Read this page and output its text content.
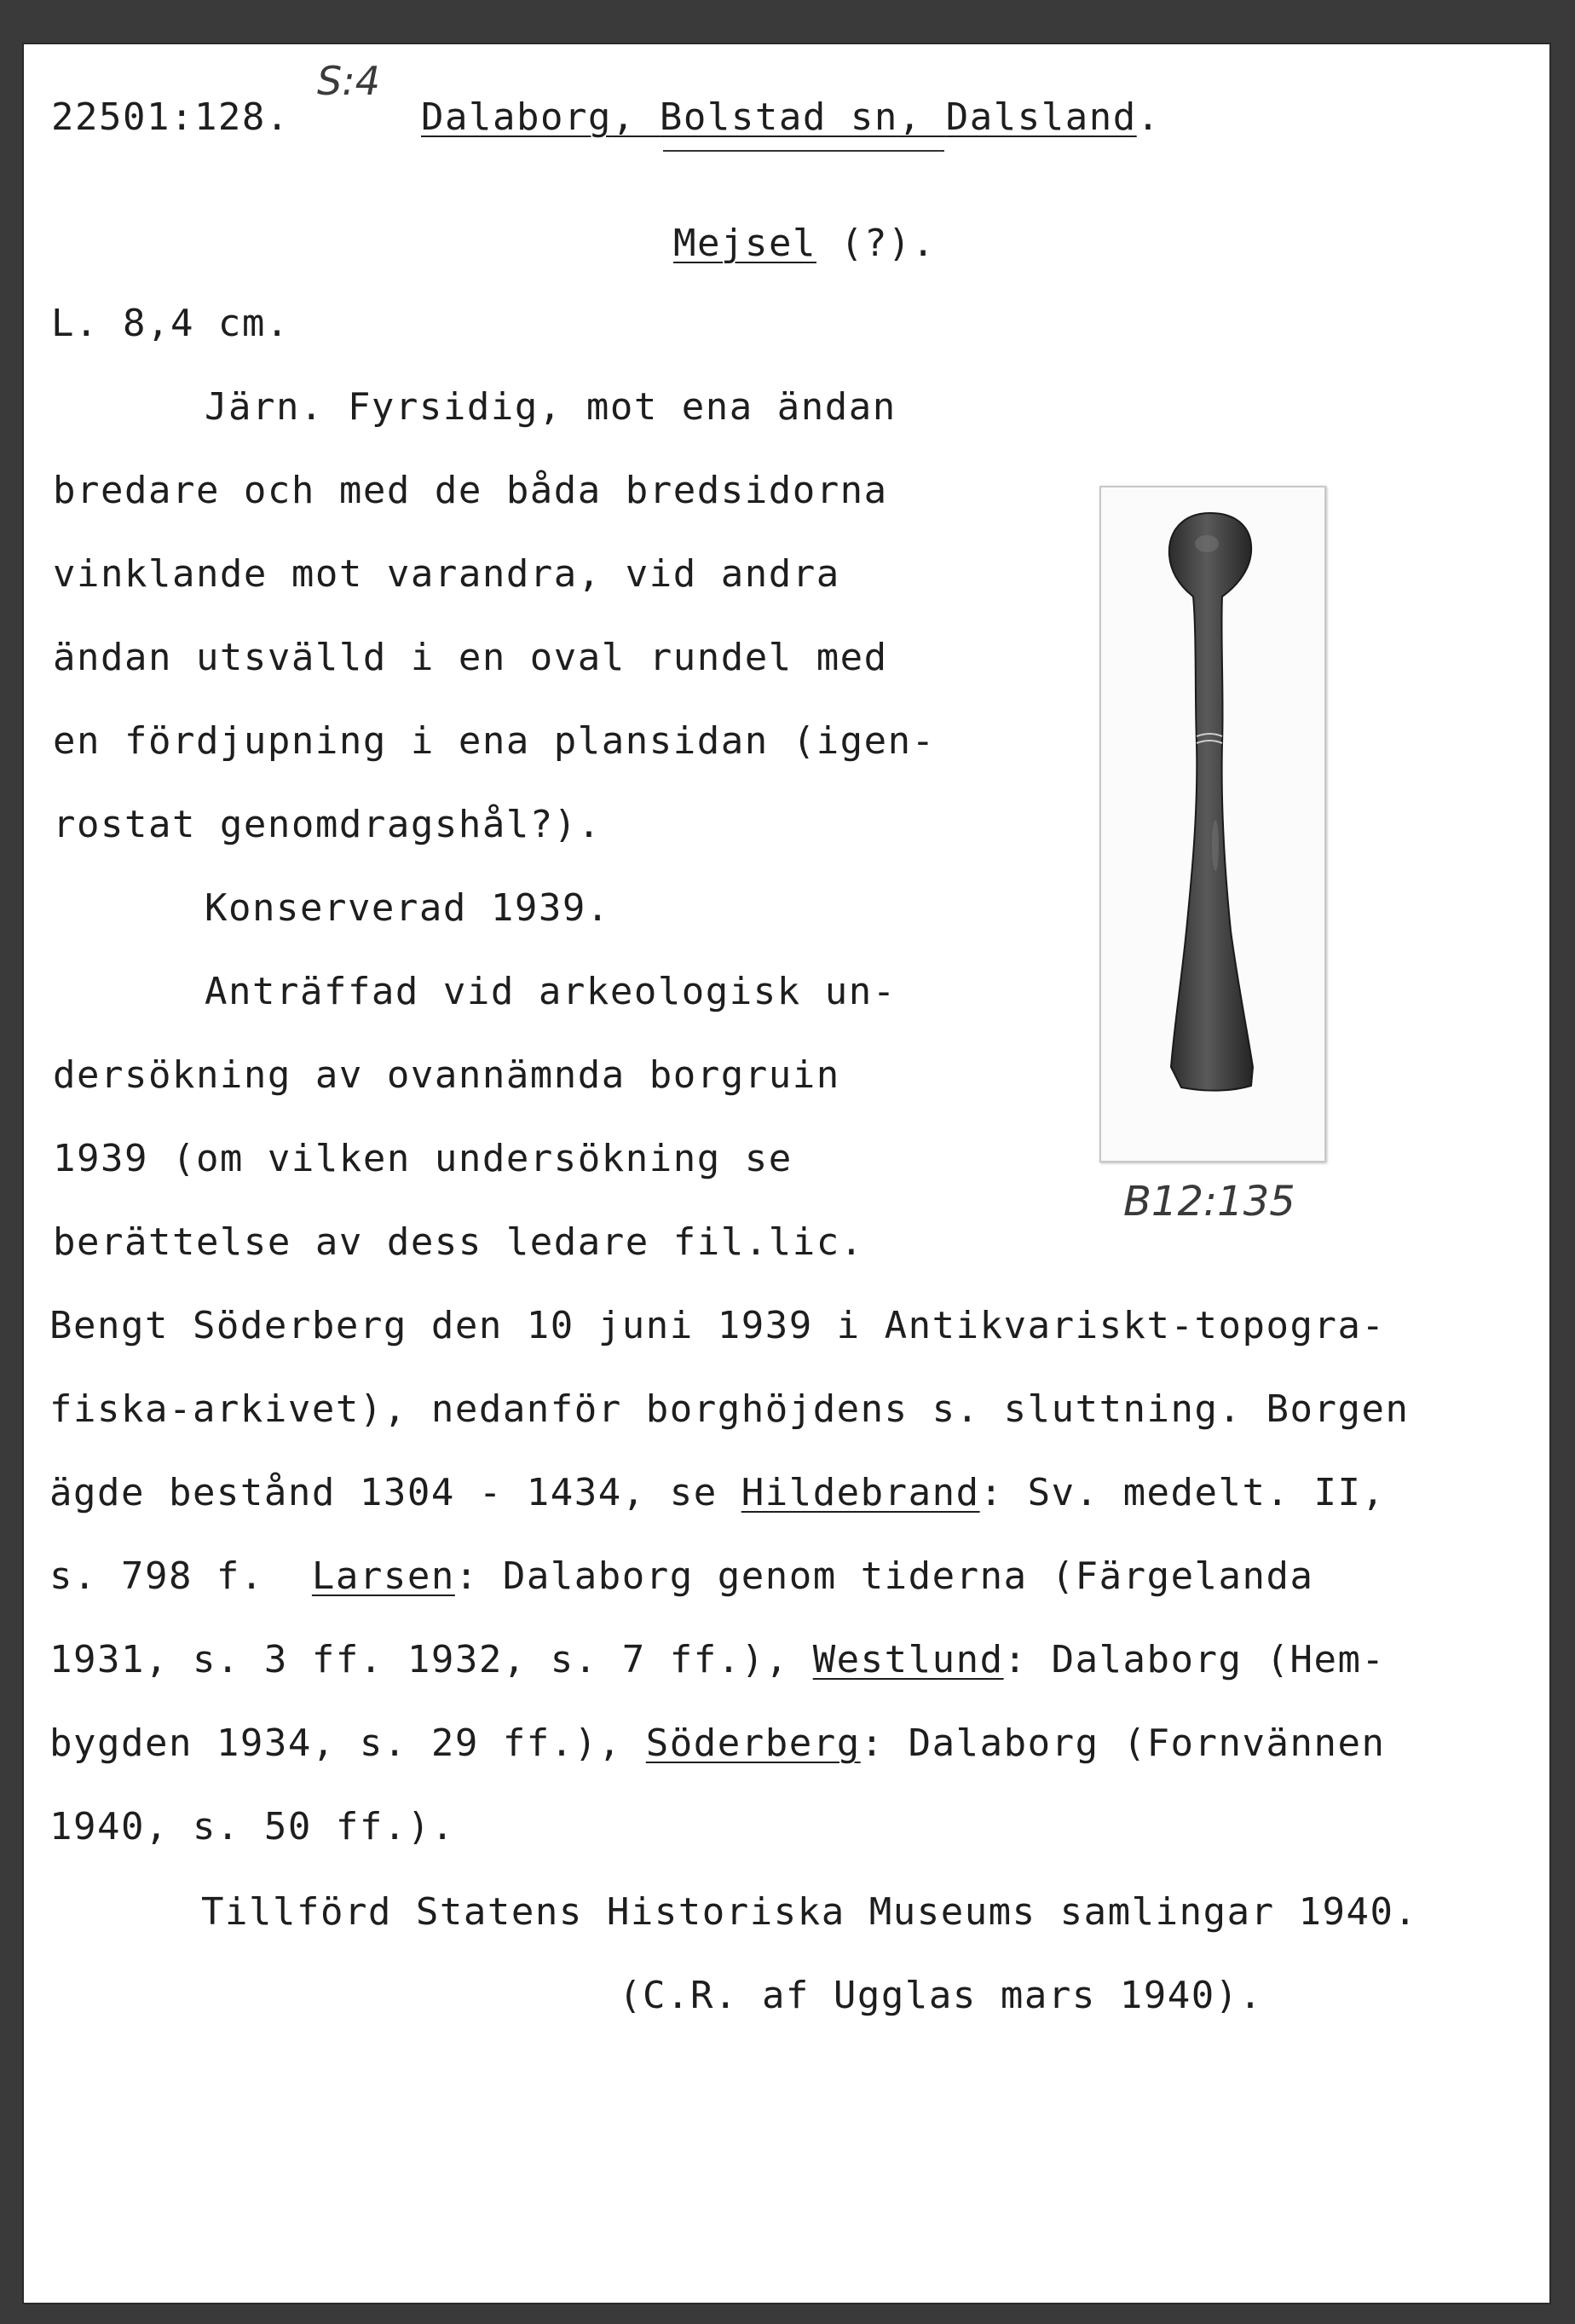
22501:128.
S:4
Dalaborg, Bolstad sn, Dalsland.
Mejsel (?).
L. 8,4 cm.
Järn. Fyrsidig, mot ena ändan
bredare och med de båda bredsidorna
vinklande mot varandra, vid andra
ändan utsvälld i en oval rundel med
en fördjupning i ena plansidan (igen-
rostat genomdragshål?).
Konserverad 1939.
Anträffad vid arkeologisk un-
dersökning av ovannämnda borgruin
1939 (om vilken undersökning se
berättelse av dess ledare fil.lic.
Bengt Söderberg den 10 juni 1939 i Antikvariskt-topogra-
fiska-arkivet), nedanför borghöjdens s. sluttning. Borgen
ägde bestånd 1304 - 1434, se Hildebrand: Sv. medelt. II,
s. 798 f.  Larsen: Dalaborg genom tiderna (Färgelanda
1931, s. 3 ff. 1932, s. 7 ff.), Westlund: Dalaborg (Hem-
bygden 1934, s. 29 ff.), Söderberg: Dalaborg (Fornvännen
1940, s. 50 ff.).
Tillförd Statens Historiska Museums samlingar 1940.
(C.R. af Ugglas mars 1940).
B12:135
